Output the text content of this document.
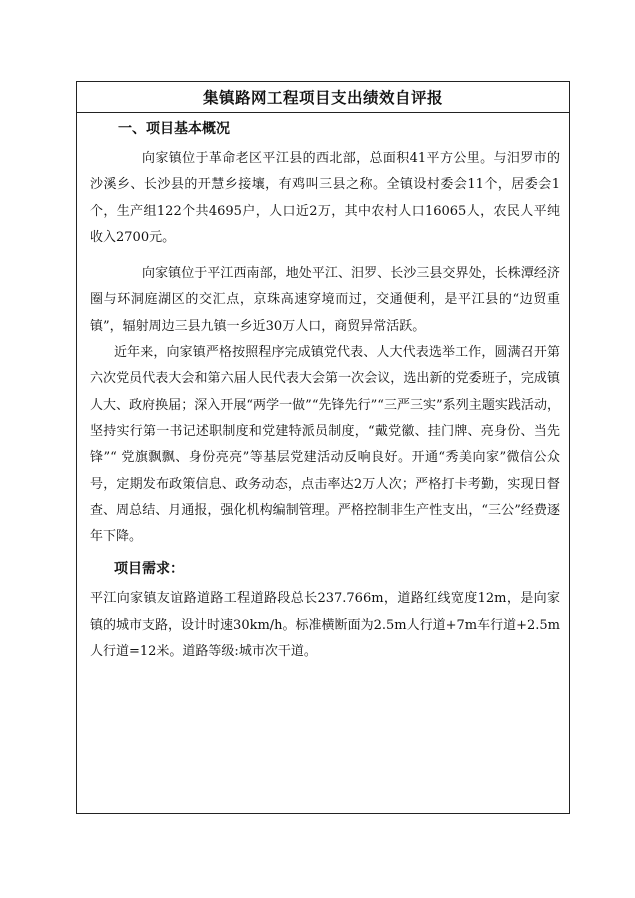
集镇路网工程项目支出绩效自评报
一、项目基本概况

向家镇位于革命老区平江县的西北部，总面积41平方公里。与汨罗市的沙溪乡、长沙县的开慧乡接壤，有鸡叫三县之称。全镇设村委会11个，居委会1个，生产组122个共4695户，人口近2万，其中农村人口16065人，农民人平纯收入2700元。

向家镇位于平江西南部，地处平江、汨罗、长沙三县交界处，长株潭经济圈与环洞庭湖区的交汇点，京珠高速穿境而过，交通便利，是平江县的“边贸重镇”，辐射周边三县九镇一乡近30万人口，商贸异常活跃。

近年来，向家镇严格按照程序完成镇党代表、人大代表选举工作，圆满召开第六次党员代表大会和第六届人民代表大会第一次会议，选出新的党委班子，完成镇人大、政府换届；深入开展“两学一做”“先锋先行”“三严三实”系列主题实践活动，坚持实行第一书记述职制度和党建特派员制度，“戴党徽、挂门牌、亮身份、当先锋”“ 党旗飘飘、身份亮亮”等基层党建活动反响良好。开通“秀美向家”微信公众号，定期发布政策信息、政务动态，点击率达2万人次；严格打卡考勤，实现日督查、周总结、月通报，强化机构编制管理。严格控制非生产性支出，“三公”经费逐年下降。

项目需求：

平江向家镇友谊路道路工程道路段总长237.766m，道路红线宽度12m，是向家镇的城市支路，设计时速30km/h。标准横断面为2.5m人行道+7m车行道+2.5m人行道=12米。道路等级:城市次干道。
